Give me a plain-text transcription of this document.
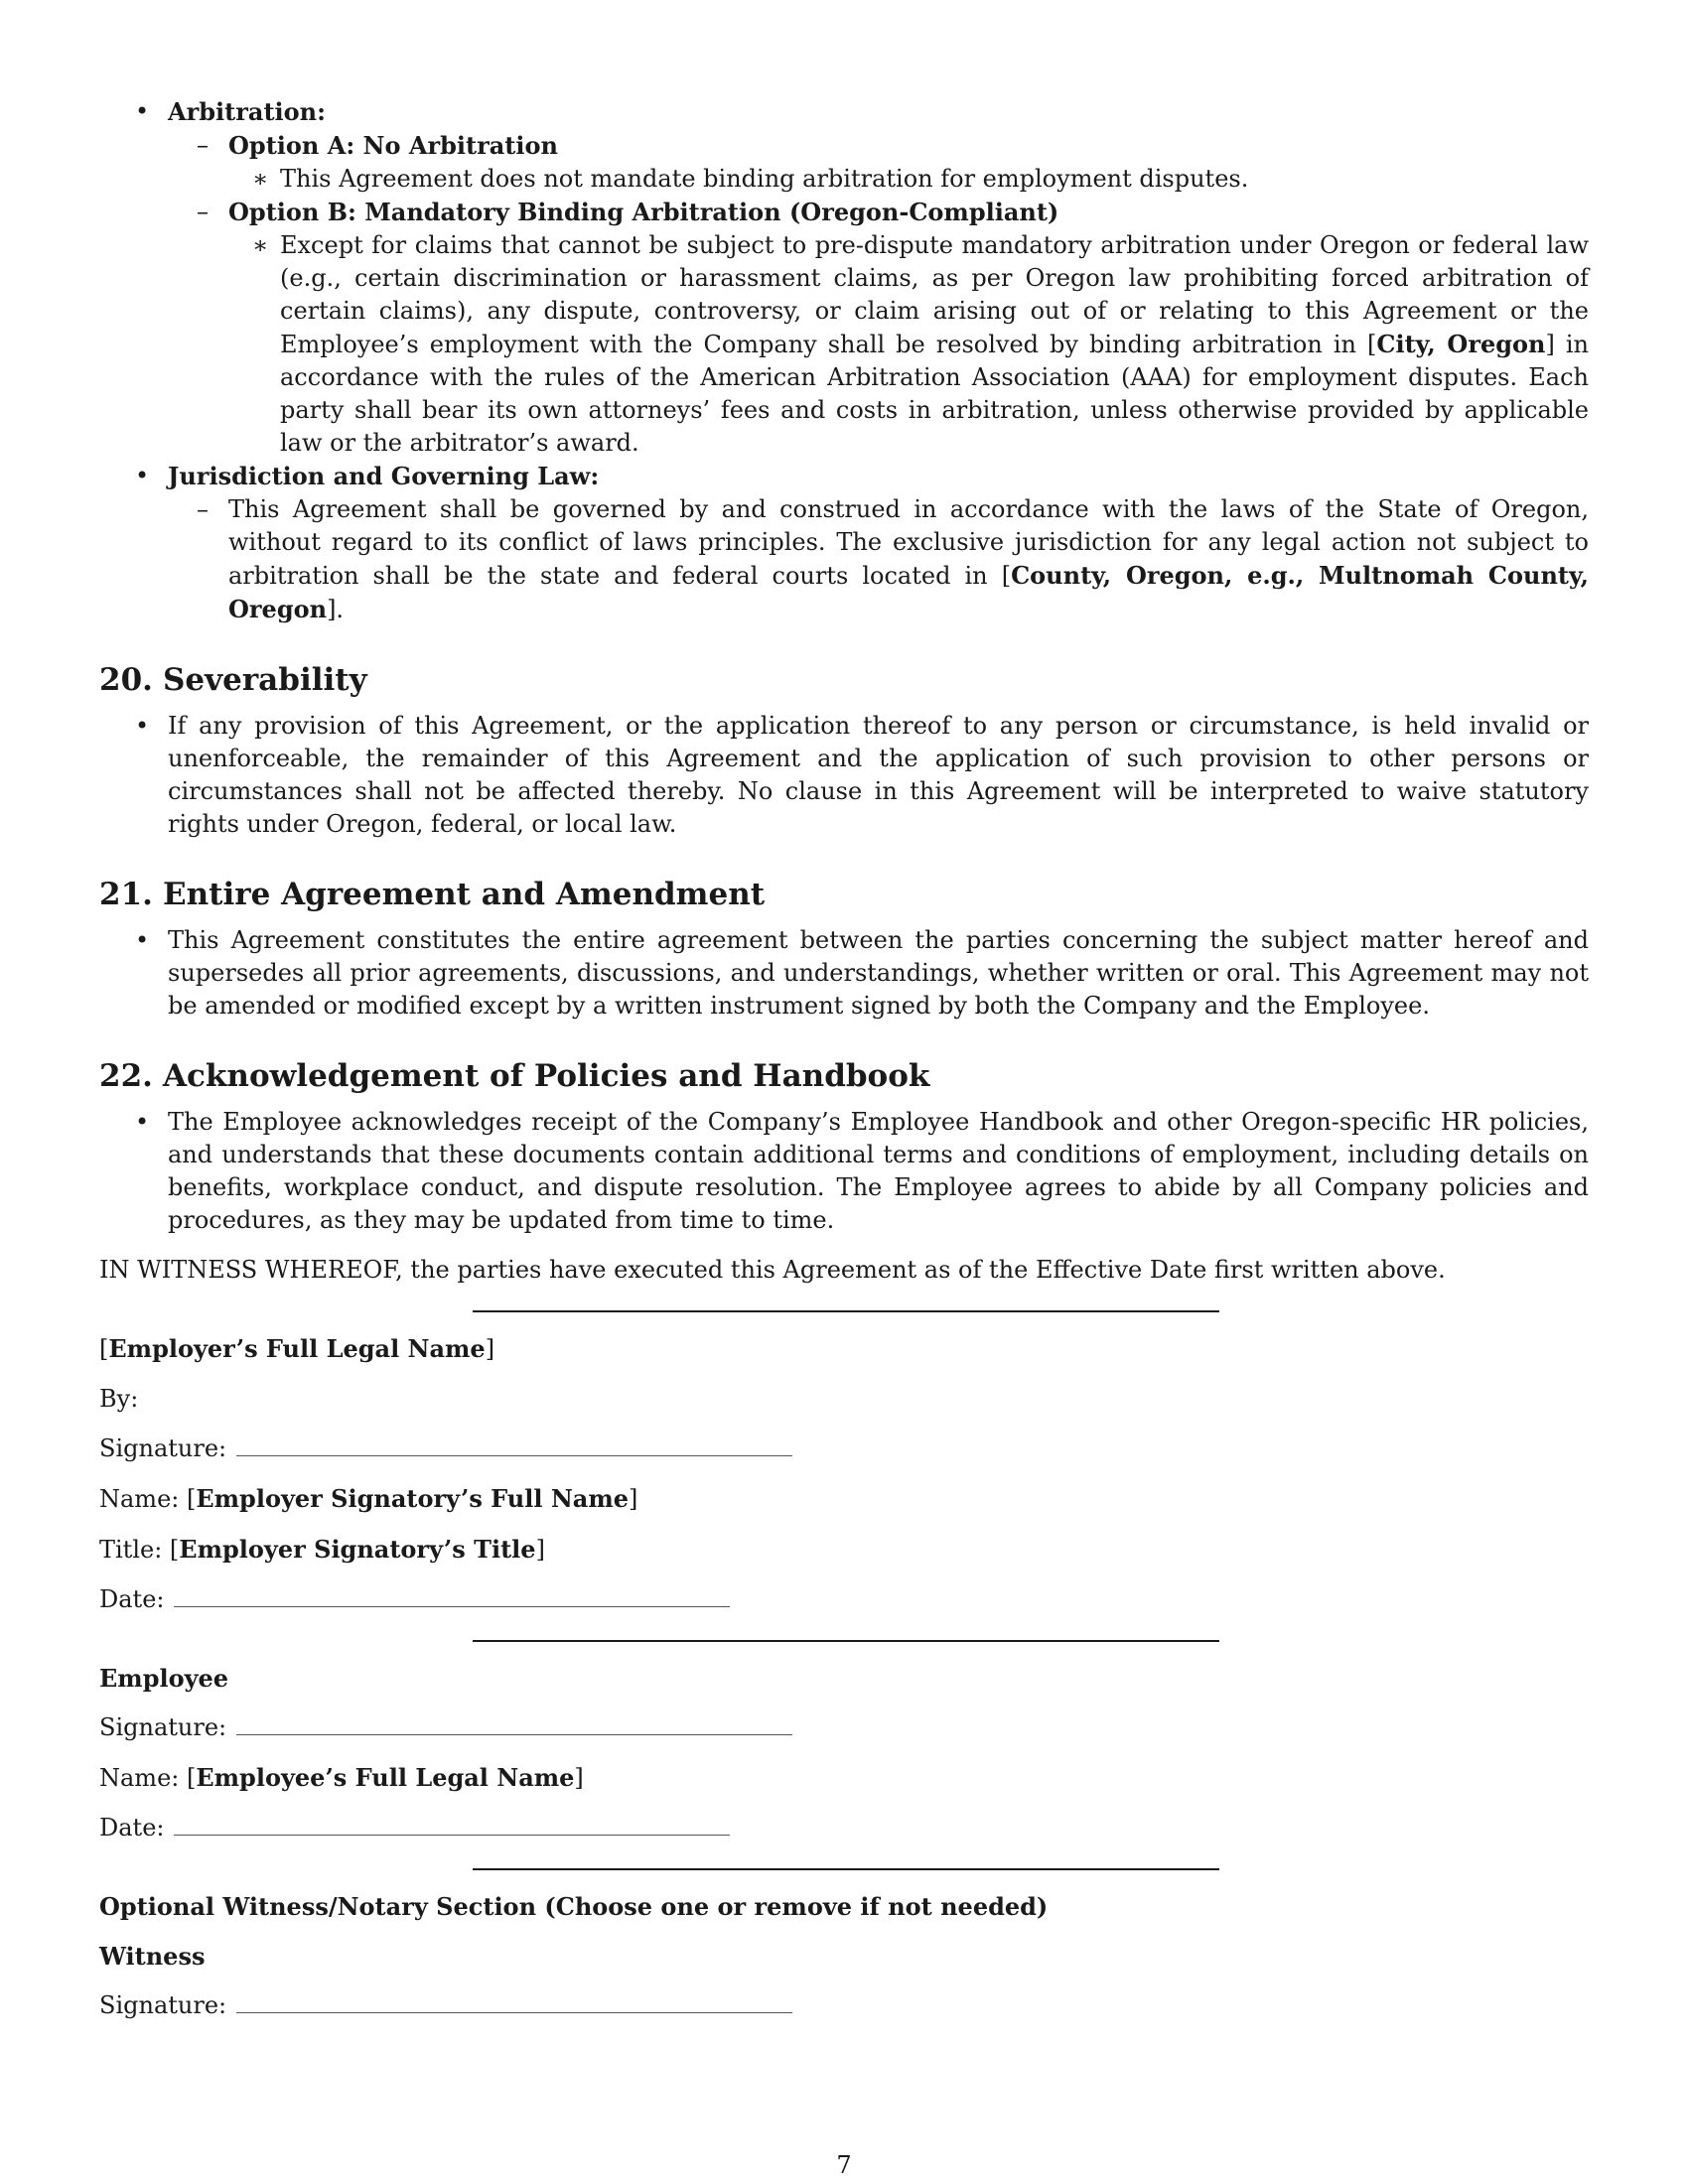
• Arbitration:
– Option A: No Arbitration
∗ This Agreement does not mandate binding arbitration for employment disputes.
– Option B: Mandatory Binding Arbitration (Oregon-Compliant)
∗ Except for claims that cannot be subject to pre-dispute mandatory arbitration under Oregon or federal law (e.g., certain discrimination or harassment claims, as per Oregon law prohibiting forced arbitration of certain claims), any dispute, controversy, or claim arising out of or relating to this Agreement or the Employee’s employment with the Company shall be resolved by binding arbitration in [City, Oregon] in accordance with the rules of the American Arbitration Association (AAA) for employment disputes. Each party shall bear its own attorneys’ fees and costs in arbitration, unless otherwise provided by applicable law or the arbitrator’s award.
• Jurisdiction and Governing Law:
– This Agreement shall be governed by and construed in accordance with the laws of the State of Oregon, without regard to its conflict of laws principles. The exclusive jurisdiction for any legal action not subject to arbitration shall be the state and federal courts located in [County, Oregon, e.g., Multnomah County, Oregon].
20. Severability
• If any provision of this Agreement, or the application thereof to any person or circumstance, is held invalid or unenforceable, the remainder of this Agreement and the application of such provision to other persons or circumstances shall not be affected thereby. No clause in this Agreement will be interpreted to waive statutory rights under Oregon, federal, or local law.
21. Entire Agreement and Amendment
• This Agreement constitutes the entire agreement between the parties concerning the subject matter hereof and supersedes all prior agreements, discussions, and understandings, whether written or oral. This Agreement may not be amended or modified except by a written instrument signed by both the Company and the Employee.
22. Acknowledgement of Policies and Handbook
• The Employee acknowledges receipt of the Company’s Employee Handbook and other Oregon-specific HR policies, and understands that these documents contain additional terms and conditions of employment, including details on benefits, workplace conduct, and dispute resolution. The Employee agrees to abide by all Company policies and procedures, as they may be updated from time to time.
IN WITNESS WHEREOF, the parties have executed this Agreement as of the Effective Date first written above.
[Employer’s Full Legal Name]
By:
Signature:
Name: [Employer Signatory’s Full Name]
Title: [Employer Signatory’s Title]
Date:
Employee
Signature:
Name: [Employee’s Full Legal Name]
Date:
Optional Witness/Notary Section (Choose one or remove if not needed)
Witness
Signature:
7
